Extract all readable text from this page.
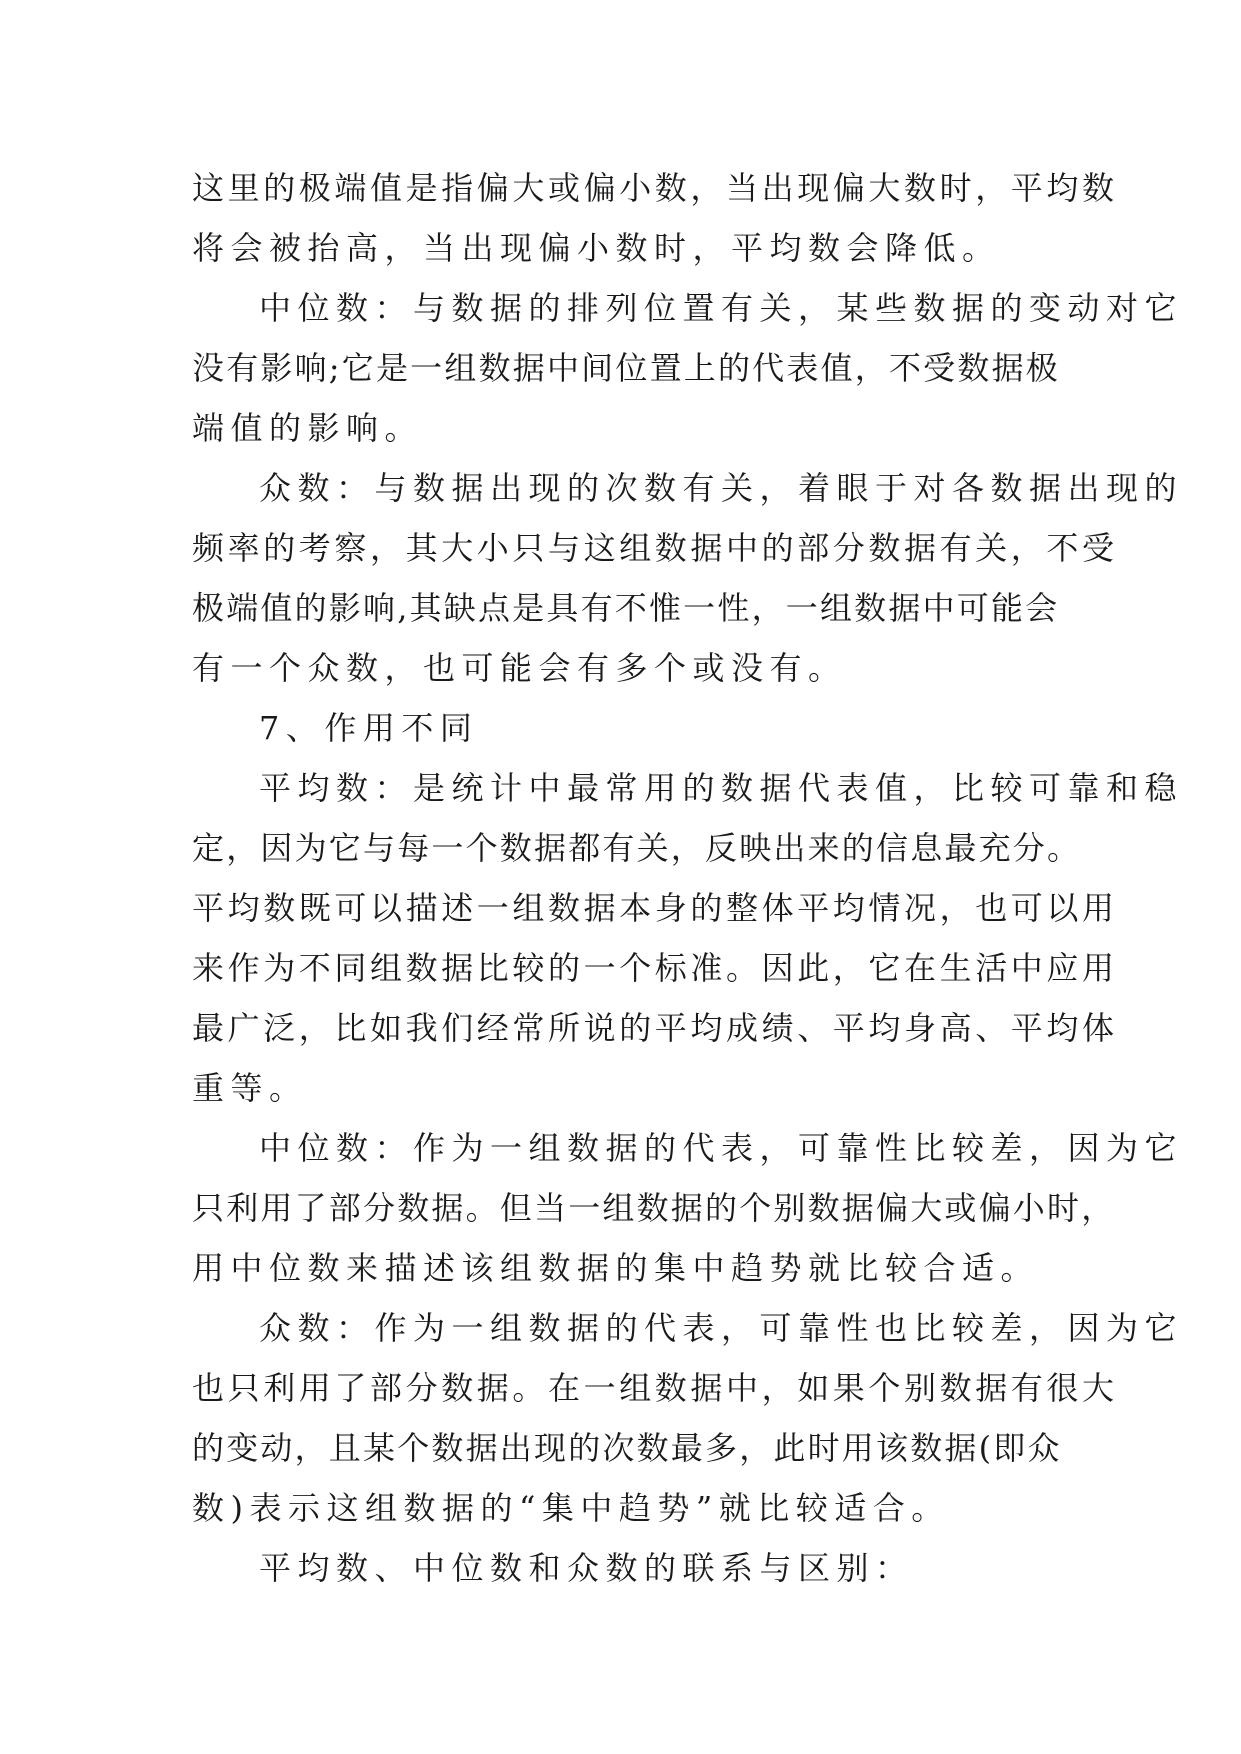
这里的极端值是指偏大或偏小数，当出现偏大数时，平均数
将会被抬高，当出现偏小数时，平均数会降低。
中位数：与数据的排列位置有关，某些数据的变动对它
没有影响;它是一组数据中间位置上的代表值，不受数据极
端值的影响。
众数：与数据出现的次数有关，着眼于对各数据出现的
频率的考察，其大小只与这组数据中的部分数据有关，不受
极端值的影响,其缺点是具有不惟一性，一组数据中可能会
有一个众数，也可能会有多个或没有。
7、作用不同
平均数：是统计中最常用的数据代表值，比较可靠和稳
定，因为它与每一个数据都有关，反映出来的信息最充分。
平均数既可以描述一组数据本身的整体平均情况，也可以用
来作为不同组数据比较的一个标准。因此，它在生活中应用
最广泛，比如我们经常所说的平均成绩、平均身高、平均体
重等。
中位数：作为一组数据的代表，可靠性比较差，因为它
只利用了部分数据。但当一组数据的个别数据偏大或偏小时，
用中位数来描述该组数据的集中趋势就比较合适。
众数：作为一组数据的代表，可靠性也比较差，因为它
也只利用了部分数据。在一组数据中，如果个别数据有很大
的变动，且某个数据出现的次数最多，此时用该数据(即众
数)表示这组数据的“集中趋势”就比较适合。
平均数、中位数和众数的联系与区别：
